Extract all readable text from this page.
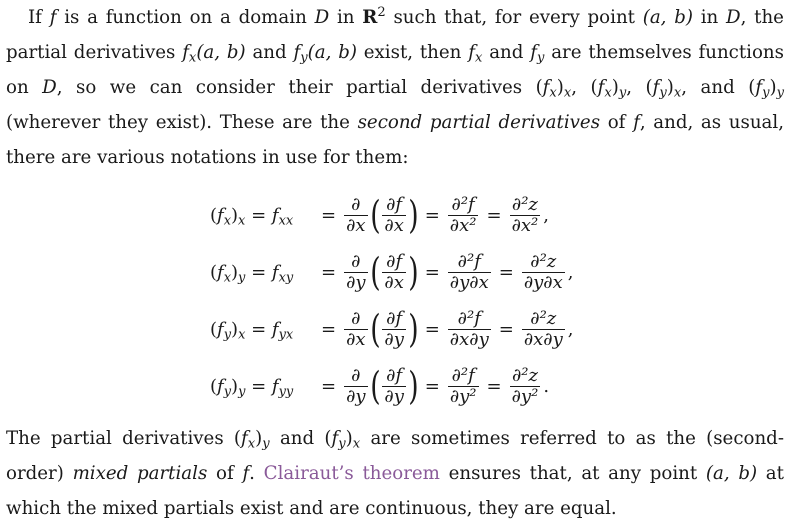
If f is a function on a domain D in $R^2$ such that, for every point (a, b) in D, the partial derivatives $f_x(a$, b) and $f_y(a$, b) exist, then $f_x$ and $f_y$ are themselves functions on D, so we can consider their partial derivatives $(f_x)_x$, $(f_x)_y$, $(f_y)_x$, and $(f_y)_y$ (wherever they exist). These are the second partial derivatives of f, and, as usual, there are various notations in use for them:
$(f_x)_x = f_{xx}$	= $\frac{\partial}{\partial x}$ ( $\frac{\partial f}{\partial x}$ ) = $\frac{\text{∂²f}}{\text{∂x²}} = \frac{\text{∂²z}}{\text{∂x²}}$ ,
$(f_x)_y = f_{xy}$	= $\frac{\partial}{\partial y}$ ( $\frac{\partial f}{\partial x}$ ) = $\frac{\text{∂²f}}{\partial y\partial x} = \frac{\text{∂²z}}{\partial y\partial x}$ ,
$(f_y)_x = f_{yx}$	= $\frac{\partial}{\partial x}$ ( $\frac{\partial f}{\partial y}$ ) = $\frac{\text{∂²f}}{\partial x\partial y} = \frac{\text{∂²z}}{\partial x\partial y}$ ,
$(f_y)_y = f_{yy}$	= $\frac{\partial}{\partial y}$ ( $\frac{\partial f}{\partial y}$ ) = $\frac{\text{∂²f}}{\text{∂y²}} = \frac{\text{∂²z}}{\text{∂y²}}$ .
The partial derivatives $(f_x)_y$ and $(f_y)_x$ are sometimes referred to as the (second-order) mixed partials of f. Clairaut’s theorem ensures that, at any point (a, b) at which the mixed partials exist and are continuous, they are equal.
